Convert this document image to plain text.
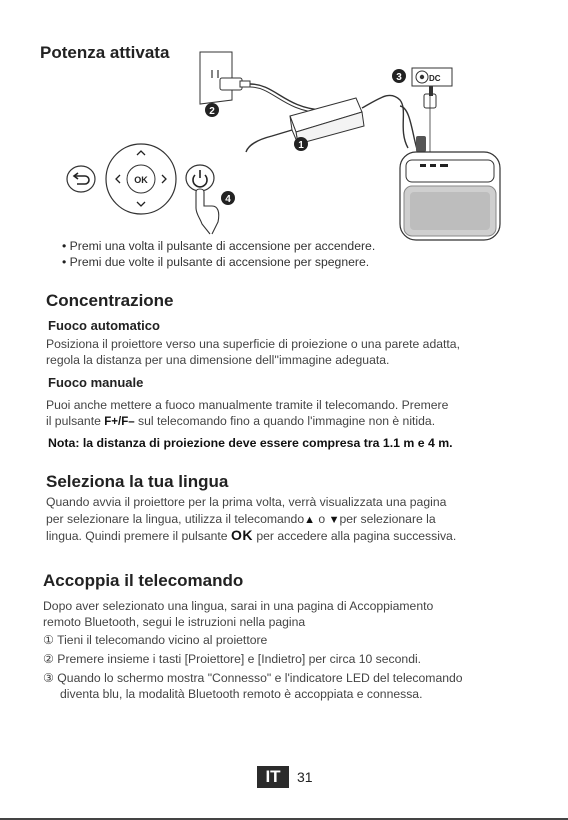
Potenza attivata
DC
3
2
1
4
OK
• Premi una volta il pulsante di accensione per accendere.
• Premi due volte il pulsante di accensione per spegnere.
Concentrazione
Fuoco automatico
Posiziona il proiettore verso una superficie di proiezione o una parete adatta,
regola la distanza per una dimensione dell''immagine adeguata.
Fuoco manuale
Puoi anche mettere a fuoco manualmente tramite il telecomando. Premere
il pulsante F+/F– sul telecomando fino a quando l'immagine non è nitida.
Nota: la distanza di proiezione deve essere compresa tra 1.1 m e 4 m.
Seleziona la tua lingua
Quando avvia il proiettore per la prima volta, verrà visualizzata una pagina
per selezionare la lingua, utilizza il telecomando▲ o ▼per selezionare la
lingua. Quindi premere il pulsante OK per accedere alla pagina successiva.
Accoppia il telecomando
Dopo aver selezionato una lingua, sarai in una pagina di Accoppiamento
remoto Bluetooth, segui le istruzioni nella pagina
① Tieni il telecomando vicino al proiettore
② Premere insieme i tasti [Proiettore] e [Indietro] per circa 10 secondi.
③ Quando lo schermo mostra "Connesso" e l'indicatore LED del telecomando
diventa blu, la modalità Bluetooth remoto è accoppiata e connessa.
IT	31
